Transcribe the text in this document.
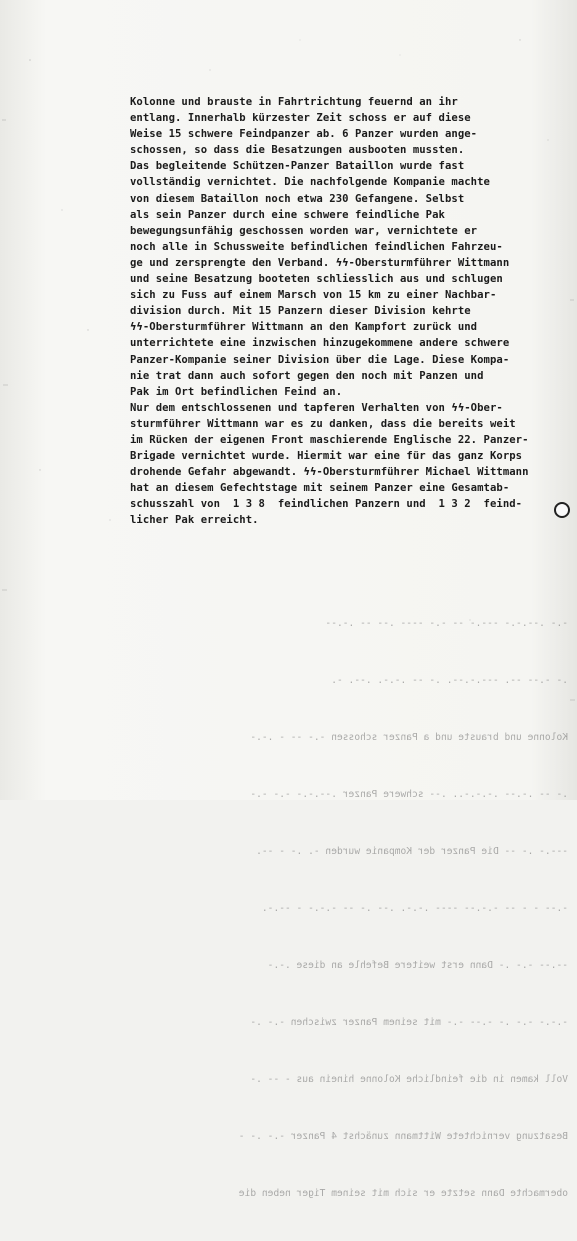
Kolonne und brauste in Fahrtrichtung feuernd an ihr
entlang. Innerhalb kürzester Zeit schoss er auf diese
Weise 15 schwere Feindpanzer ab. 6 Panzer wurden ange-
schossen, so dass die Besatzungen ausbooten mussten.
Das begleitende Schützen-Panzer Bataillon wurde fast
vollständig vernichtet. Die nachfolgende Kompanie machte
von diesem Bataillon noch etwa 230 Gefangene. Selbst
als sein Panzer durch eine schwere feindliche Pak
bewegungsunfähig geschossen worden war, vernichtete er
noch alle in Schussweite befindlichen feindlichen Fahrzeu-
ge und zersprengte den Verband. ϟϟ-Obersturmführer Wittmann
und seine Besatzung booteten schliesslich aus und schlugen
sich zu Fuss auf einem Marsch von 15 km zu einer Nachbar-
division durch. Mit 15 Panzern dieser Division kehrte
ϟϟ-Obersturmführer Wittmann an den Kampfort zurück und
unterrichtete eine inzwischen hinzugekommene andere schwere
Panzer-Kompanie seiner Division über die Lage. Diese Kompa-
nie trat dann auch sofort gegen den noch mit Panzen und
Pak im Ort befindlichen Feind an.
Nur dem entschlossenen und tapferen Verhalten von ϟϟ-Ober-
sturmführer Wittmann war es zu danken, dass die bereits weit
im Rücken der eigenen Front maschierende Englische 22. Panzer-
Brigade vernichtet wurde. Hiermit war eine für das ganz Korps
drohende Gefahr abgewandt. ϟϟ-Obersturmführer Michael Wittmann
hat an diesem Gefechtstage mit seinem Panzer eine Gesamtab-
schusszahl von  1 3 8  feindlichen Panzern und  1 3 2  feind-
licher Pak erreicht.

-.- .--.-.- ---.- -- -.- ---- .-- -- .-.--

.- -.-- --. ---.-.--. .- -- .-.-. .--. -.

Kolonne und brauste und a Panzer schossen -.- -- - .-.-

.- -- .-.-- .-.-.-.. .-- schwere Panzer .--.-.- -.- -.-

---.- .- -- Die Panzer der Kompanie wurden -. .- - --.

-.-- - - -- -.-.-- ---- .-.-. .-- .- -- -.-.- - --.-.

--.-- -.- .- Dann erst weitere Befehle an diese .-.-

-.-.- -.- .- -.-- -.- mit seinem Panzer zwischen -.- .-

Voll kamen in die feindliche Kolonne hinein aus - -- .-

Besatzung vernichtete Wittmann zunächst 4 Panzer -.- .- -

obermachte Dann setzte er sich mit seinem Tiger neben die
